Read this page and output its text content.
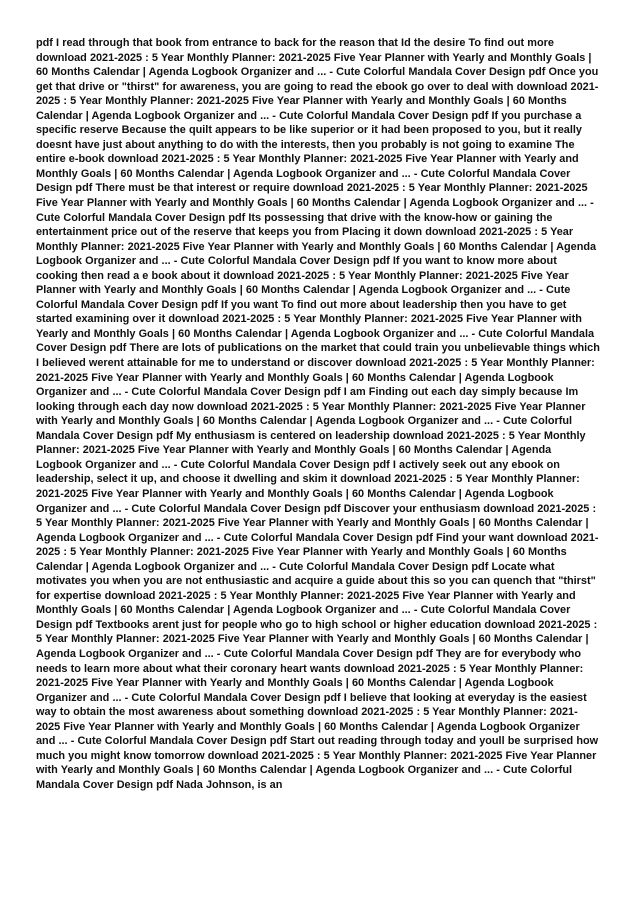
pdf I read through that book from entrance to back for the reason that Id the desire To find out more download 2021-2025 : 5 Year Monthly Planner: 2021-2025 Five Year Planner with Yearly and Monthly Goals | 60 Months Calendar | Agenda Logbook Organizer and ... - Cute Colorful Mandala Cover Design pdf Once you get that drive or "thirst" for awareness, you are going to read the ebook go over to deal with download 2021-2025 : 5 Year Monthly Planner: 2021-2025 Five Year Planner with Yearly and Monthly Goals | 60 Months Calendar | Agenda Logbook Organizer and ... - Cute Colorful Mandala Cover Design pdf If you purchase a specific reserve Because the quilt appears to be like superior or it had been proposed to you, but it really doesnt have just about anything to do with the interests, then you probably is not going to examine The entire e-book download 2021-2025 : 5 Year Monthly Planner: 2021-2025 Five Year Planner with Yearly and Monthly Goals | 60 Months Calendar | Agenda Logbook Organizer and ... - Cute Colorful Mandala Cover Design pdf There must be that interest or require download 2021-2025 : 5 Year Monthly Planner: 2021-2025 Five Year Planner with Yearly and Monthly Goals | 60 Months Calendar | Agenda Logbook Organizer and ... - Cute Colorful Mandala Cover Design pdf Its possessing that drive with the know-how or gaining the entertainment price out of the reserve that keeps you from Placing it down download 2021-2025 : 5 Year Monthly Planner: 2021-2025 Five Year Planner with Yearly and Monthly Goals | 60 Months Calendar | Agenda Logbook Organizer and ... - Cute Colorful Mandala Cover Design pdf If you want to know more about cooking then read a e book about it download 2021-2025 : 5 Year Monthly Planner: 2021-2025 Five Year Planner with Yearly and Monthly Goals | 60 Months Calendar | Agenda Logbook Organizer and ... - Cute Colorful Mandala Cover Design pdf If you want To find out more about leadership then you have to get started examining over it download 2021-2025 : 5 Year Monthly Planner: 2021-2025 Five Year Planner with Yearly and Monthly Goals | 60 Months Calendar | Agenda Logbook Organizer and ... - Cute Colorful Mandala Cover Design pdf There are lots of publications on the market that could train you unbelievable things which I believed werent attainable for me to understand or discover download 2021-2025 : 5 Year Monthly Planner: 2021-2025 Five Year Planner with Yearly and Monthly Goals | 60 Months Calendar | Agenda Logbook Organizer and ... - Cute Colorful Mandala Cover Design pdf I am Finding out each day simply because Im looking through each day now download 2021-2025 : 5 Year Monthly Planner: 2021-2025 Five Year Planner with Yearly and Monthly Goals | 60 Months Calendar | Agenda Logbook Organizer and ... - Cute Colorful Mandala Cover Design pdf My enthusiasm is centered on leadership download 2021-2025 : 5 Year Monthly Planner: 2021-2025 Five Year Planner with Yearly and Monthly Goals | 60 Months Calendar | Agenda Logbook Organizer and ... - Cute Colorful Mandala Cover Design pdf I actively seek out any ebook on leadership, select it up, and choose it dwelling and skim it download 2021-2025 : 5 Year Monthly Planner: 2021-2025 Five Year Planner with Yearly and Monthly Goals | 60 Months Calendar | Agenda Logbook Organizer and ... - Cute Colorful Mandala Cover Design pdf Discover your enthusiasm download 2021-2025 : 5 Year Monthly Planner: 2021-2025 Five Year Planner with Yearly and Monthly Goals | 60 Months Calendar | Agenda Logbook Organizer and ... - Cute Colorful Mandala Cover Design pdf Find your want download 2021-2025 : 5 Year Monthly Planner: 2021-2025 Five Year Planner with Yearly and Monthly Goals | 60 Months Calendar | Agenda Logbook Organizer and ... - Cute Colorful Mandala Cover Design pdf Locate what motivates you when you are not enthusiastic and acquire a guide about this so you can quench that "thirst" for expertise download 2021-2025 : 5 Year Monthly Planner: 2021-2025 Five Year Planner with Yearly and Monthly Goals | 60 Months Calendar | Agenda Logbook Organizer and ... - Cute Colorful Mandala Cover Design pdf Textbooks arent just for people who go to high school or higher education download 2021-2025 : 5 Year Monthly Planner: 2021-2025 Five Year Planner with Yearly and Monthly Goals | 60 Months Calendar | Agenda Logbook Organizer and ... - Cute Colorful Mandala Cover Design pdf They are for everybody who needs to learn more about what their coronary heart wants download 2021-2025 : 5 Year Monthly Planner: 2021-2025 Five Year Planner with Yearly and Monthly Goals | 60 Months Calendar | Agenda Logbook Organizer and ... - Cute Colorful Mandala Cover Design pdf I believe that looking at everyday is the easiest way to obtain the most awareness about something download 2021-2025 : 5 Year Monthly Planner: 2021-2025 Five Year Planner with Yearly and Monthly Goals | 60 Months Calendar | Agenda Logbook Organizer and ... - Cute Colorful Mandala Cover Design pdf Start out reading through today and youll be surprised how much you might know tomorrow download 2021-2025 : 5 Year Monthly Planner: 2021-2025 Five Year Planner with Yearly and Monthly Goals | 60 Months Calendar | Agenda Logbook Organizer and ... - Cute Colorful Mandala Cover Design pdf Nada Johnson, is an
